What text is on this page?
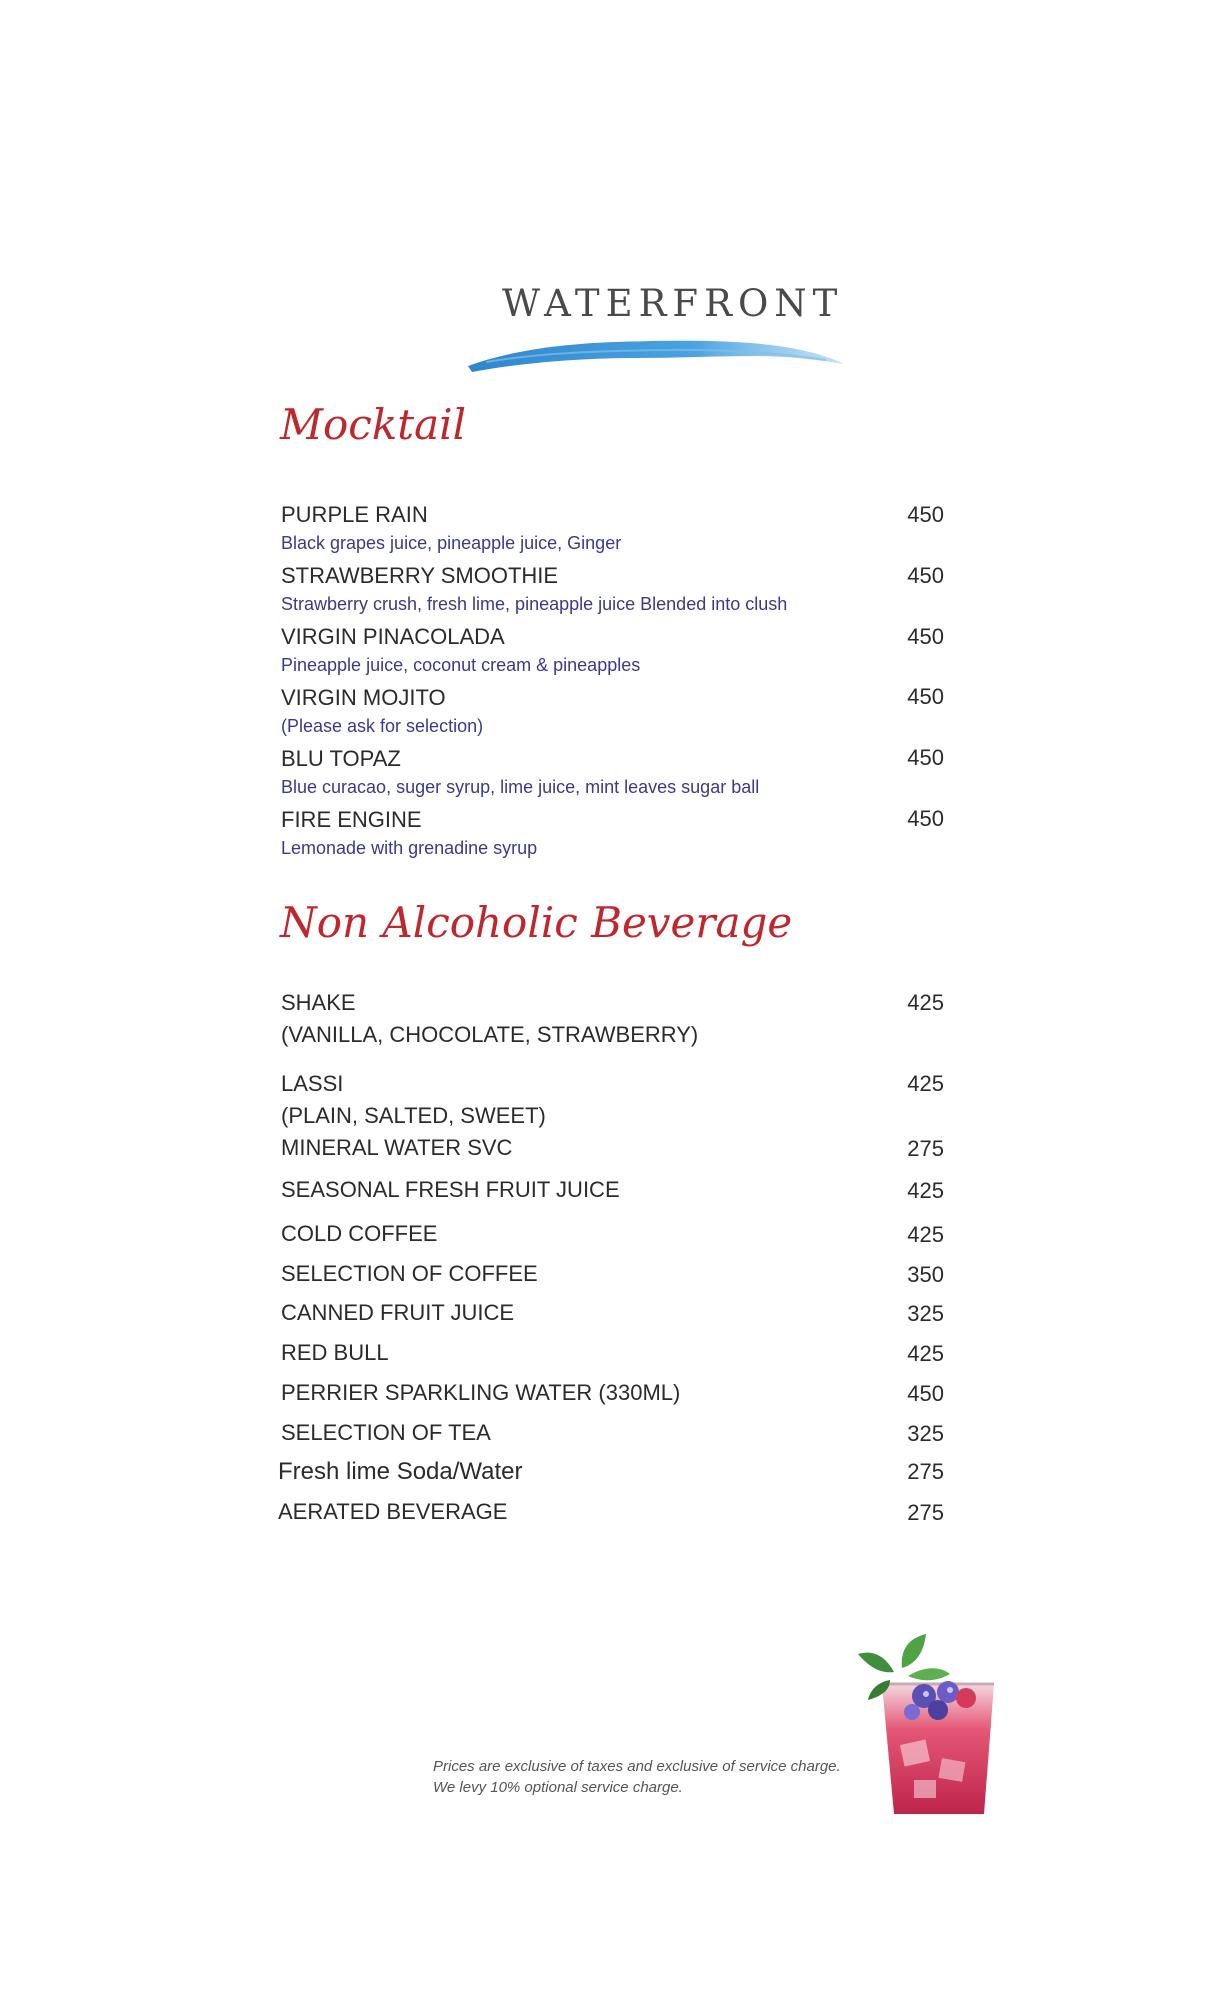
WATERFRONT
Mocktail
PURPLE RAIN	450
Black grapes juice, pineapple juice, Ginger
STRAWBERRY SMOOTHIE	450
Strawberry crush, fresh lime, pineapple juice Blended into clush
VIRGIN PINACOLADA	450
Pineapple juice, coconut cream & pineapples
VIRGIN MOJITO	450
(Please ask for selection)
BLU TOPAZ	450
Blue curacao, suger syrup, lime juice, mint leaves sugar ball
FIRE ENGINE	450
Lemonade with grenadine syrup
Non Alcoholic Beverage
SHAKE	425
(VANILLA, CHOCOLATE, STRAWBERRY)
LASSI	425
(PLAIN, SALTED, SWEET)
MINERAL WATER SVC	275
SEASONAL FRESH FRUIT JUICE	425
COLD COFFEE	425
SELECTION OF COFFEE	350
CANNED FRUIT JUICE	325
RED BULL	425
PERRIER SPARKLING WATER (330ML)	450
SELECTION OF TEA	325
Fresh lime Soda/Water	275
AERATED BEVERAGE	275
Prices are exclusive of taxes and exclusive of service charge.
We levy 10% optional service charge.
